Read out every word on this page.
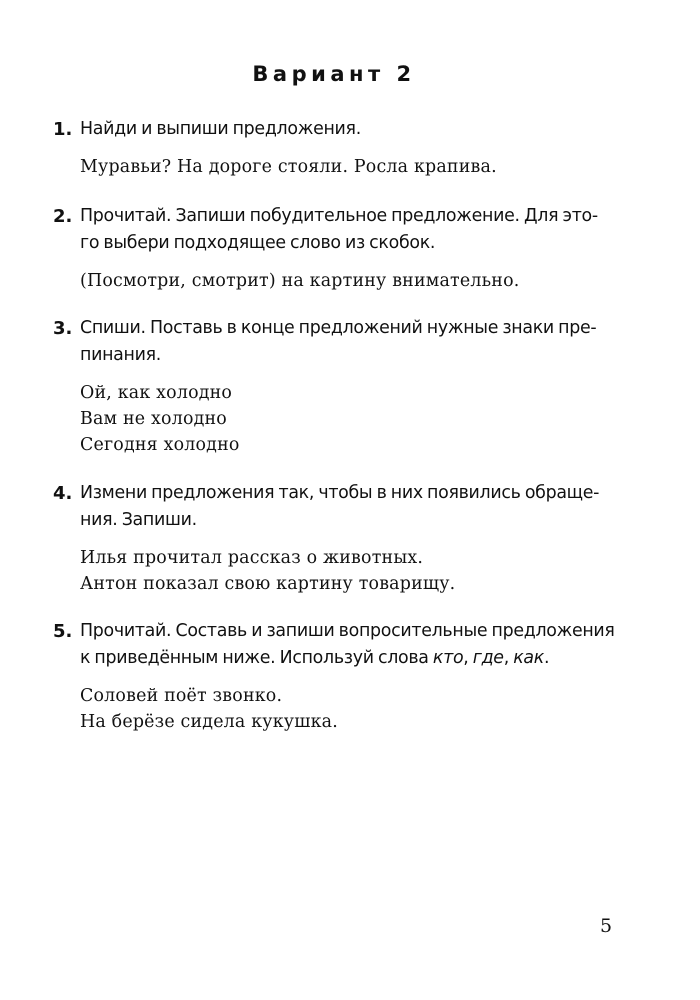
Вариант 2
1. Найди и выпиши предложения.
Муравьи? На дороге стояли. Росла крапива.
2. Прочитай. Запиши побудительное предложение. Для это-
го выбери подходящее слово из скобок.
(Посмотри, смотрит) на картину внимательно.
3. Спиши. Поставь в конце предложений нужные знаки пре-
пинания.
Ой, как холодно
Вам не холодно
Сегодня холодно
4. Измени предложения так, чтобы в них появились обраще-
ния. Запиши.
Илья прочитал рассказ о животных.
Антон показал свою картину товарищу.
5. Прочитай. Составь и запиши вопросительные предложения
к приведённым ниже. Используй слова кто, где, как.
Соловей поёт звонко.
На берёзе сидела кукушка.
5
